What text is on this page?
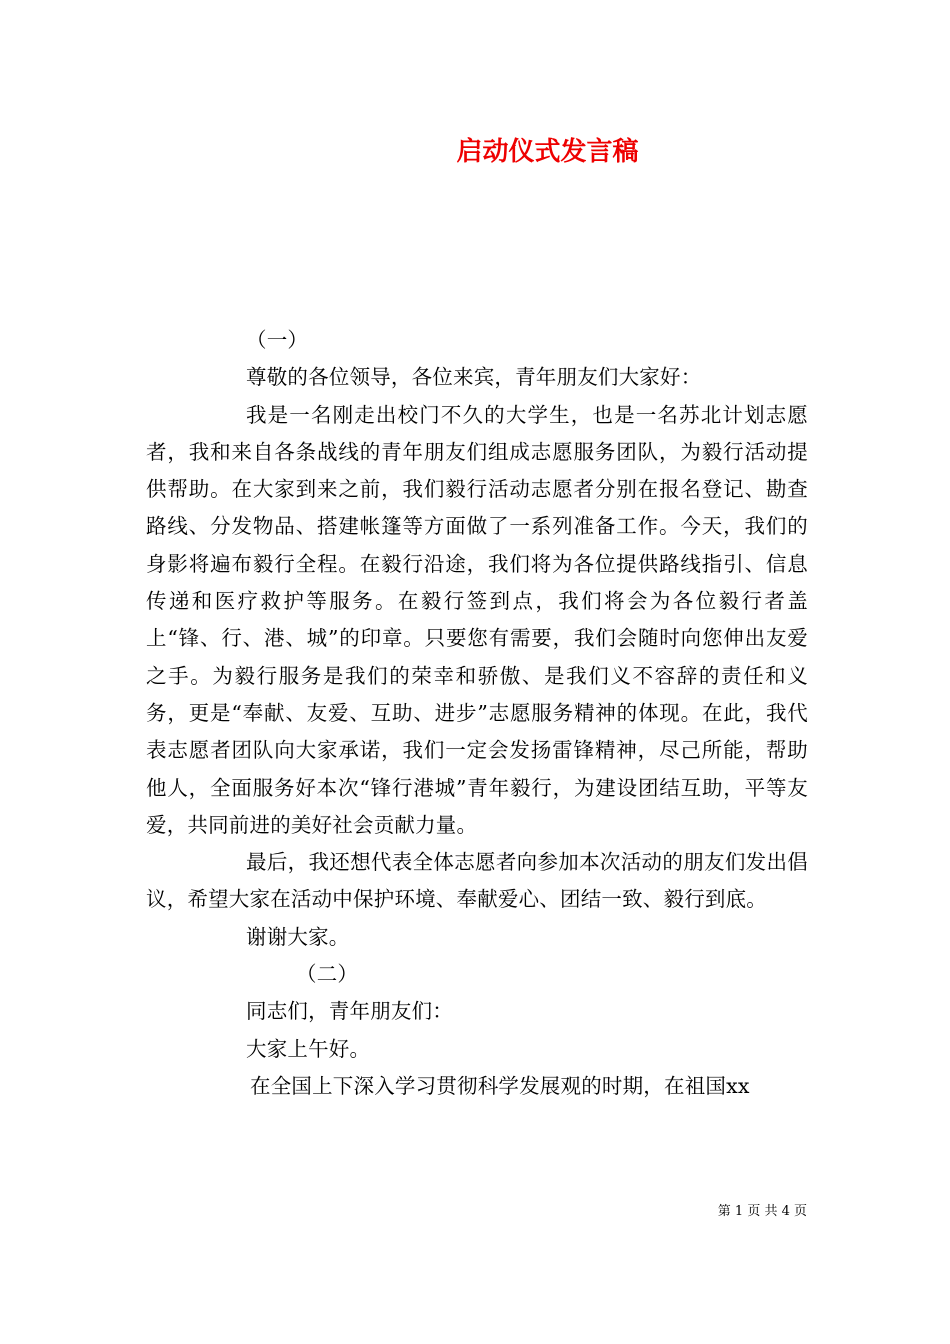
启动仪式发言稿

（一）

尊敬的各位领导，各位来宾，青年朋友们大家好：

我是一名刚走出校门不久的大学生，也是一名苏北计划志愿者，我和来自各条战线的青年朋友们组成志愿服务团队，为毅行活动提供帮助。在大家到来之前，我们毅行活动志愿者分别在报名登记、勘查路线、分发物品、搭建帐篷等方面做了一系列准备工作。今天，我们的身影将遍布毅行全程。在毅行沿途，我们将为各位提供路线指引、信息传递和医疗救护等服务。在毅行签到点，我们将会为各位毅行者盖上“锋、行、港、城”的印章。只要您有需要，我们会随时向您伸出友爱之手。为毅行服务是我们的荣幸和骄傲、是我们义不容辞的责任和义务，更是“奉献、友爱、互助、进步”志愿服务精神的体现。在此，我代表志愿者团队向大家承诺，我们一定会发扬雷锋精神，尽己所能，帮助他人，全面服务好本次“锋行港城”青年毅行，为建设团结互助，平等友爱，共同前进的美好社会贡献力量。

最后，我还想代表全体志愿者向参加本次活动的朋友们发出倡议，希望大家在活动中保护环境、奉献爱心、团结一致、毅行到底。

谢谢大家。

（二）

同志们，青年朋友们：

大家上午好。

在全国上下深入学习贯彻科学发展观的时期，在祖国xx

第 1 页 共 4 页
